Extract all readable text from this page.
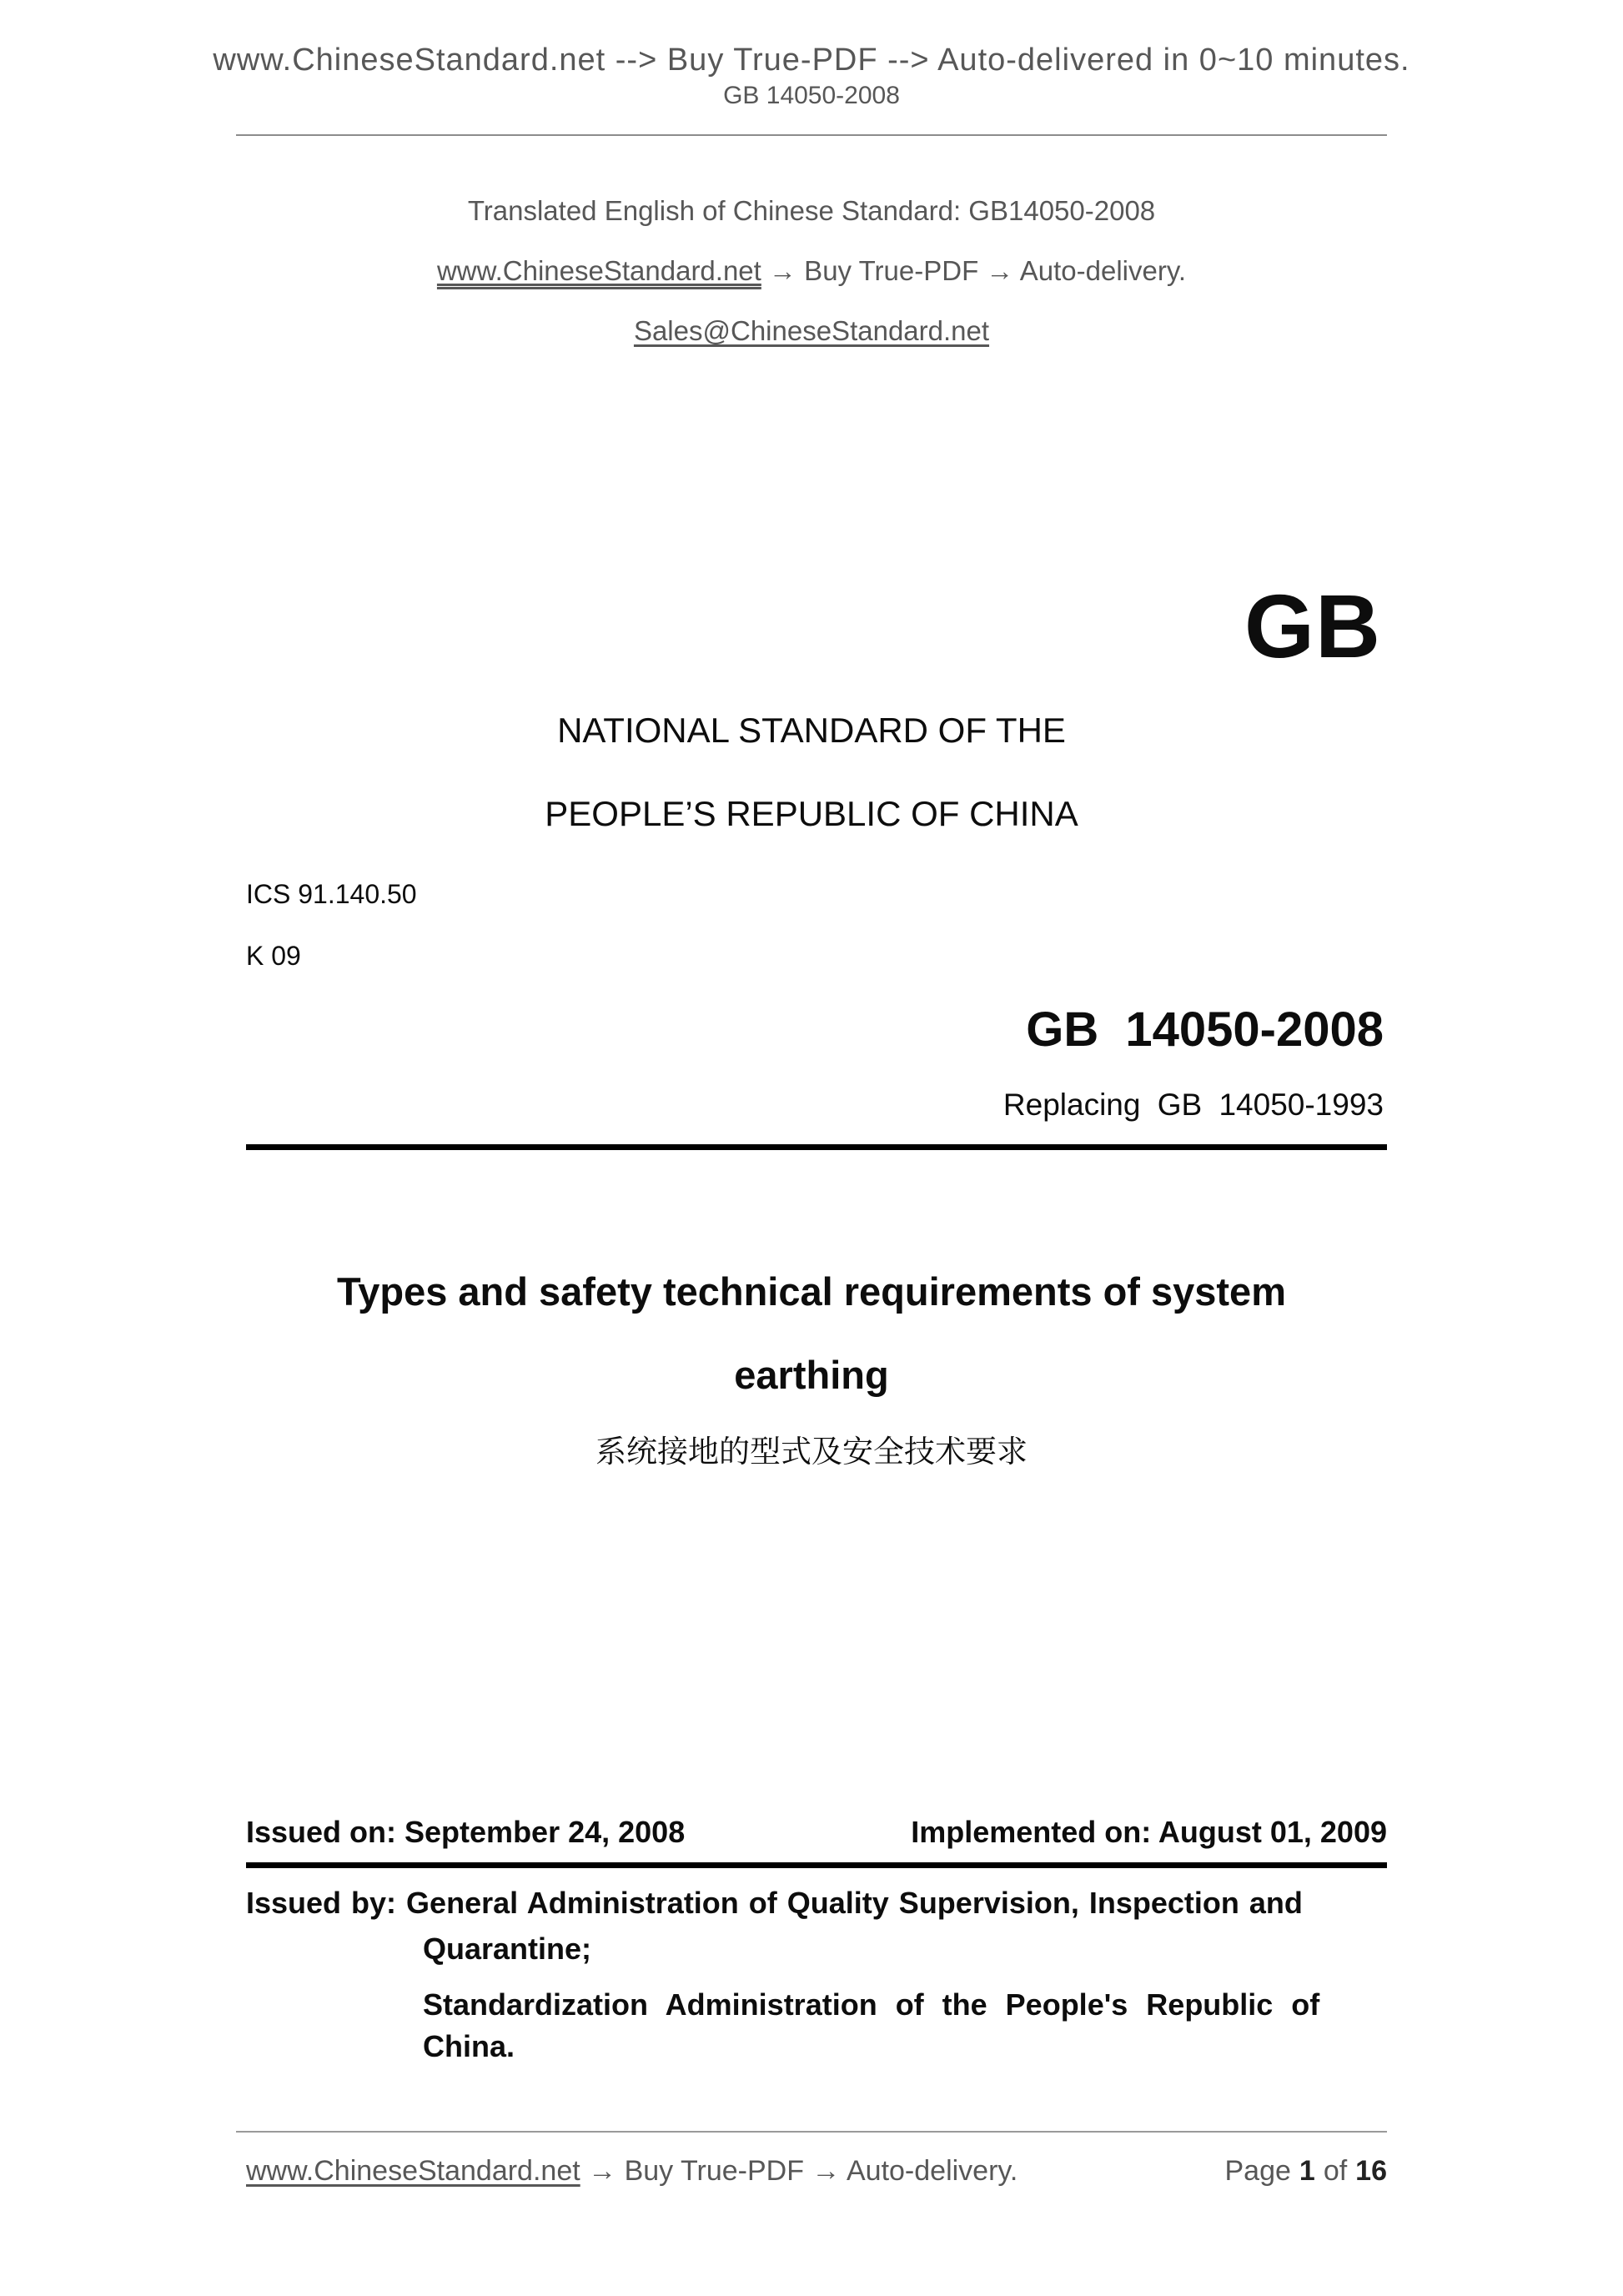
www.ChineseStandard.net --> Buy True-PDF --> Auto-delivered in 0~10 minutes.
GB 14050-2008
Translated English of Chinese Standard: GB14050-2008
www.ChineseStandard.net → Buy True-PDF → Auto-delivery.
Sales@ChineseStandard.net
GB
NATIONAL STANDARD OF THE
PEOPLE’S REPUBLIC OF CHINA
ICS 91.140.50
K 09
GB 14050-2008
Replacing GB 14050-1993
Types and safety technical requirements of system
earthing
系统接地的型式及安全技术要求
Issued on: September 24, 2008	Implemented on: August 01, 2009
Issued by: General Administration of Quality Supervision, Inspection and
Quarantine;
Standardization Administration of the People's Republic of
China.
www.ChineseStandard.net → Buy True-PDF → Auto-delivery.	Page 1 of 16
